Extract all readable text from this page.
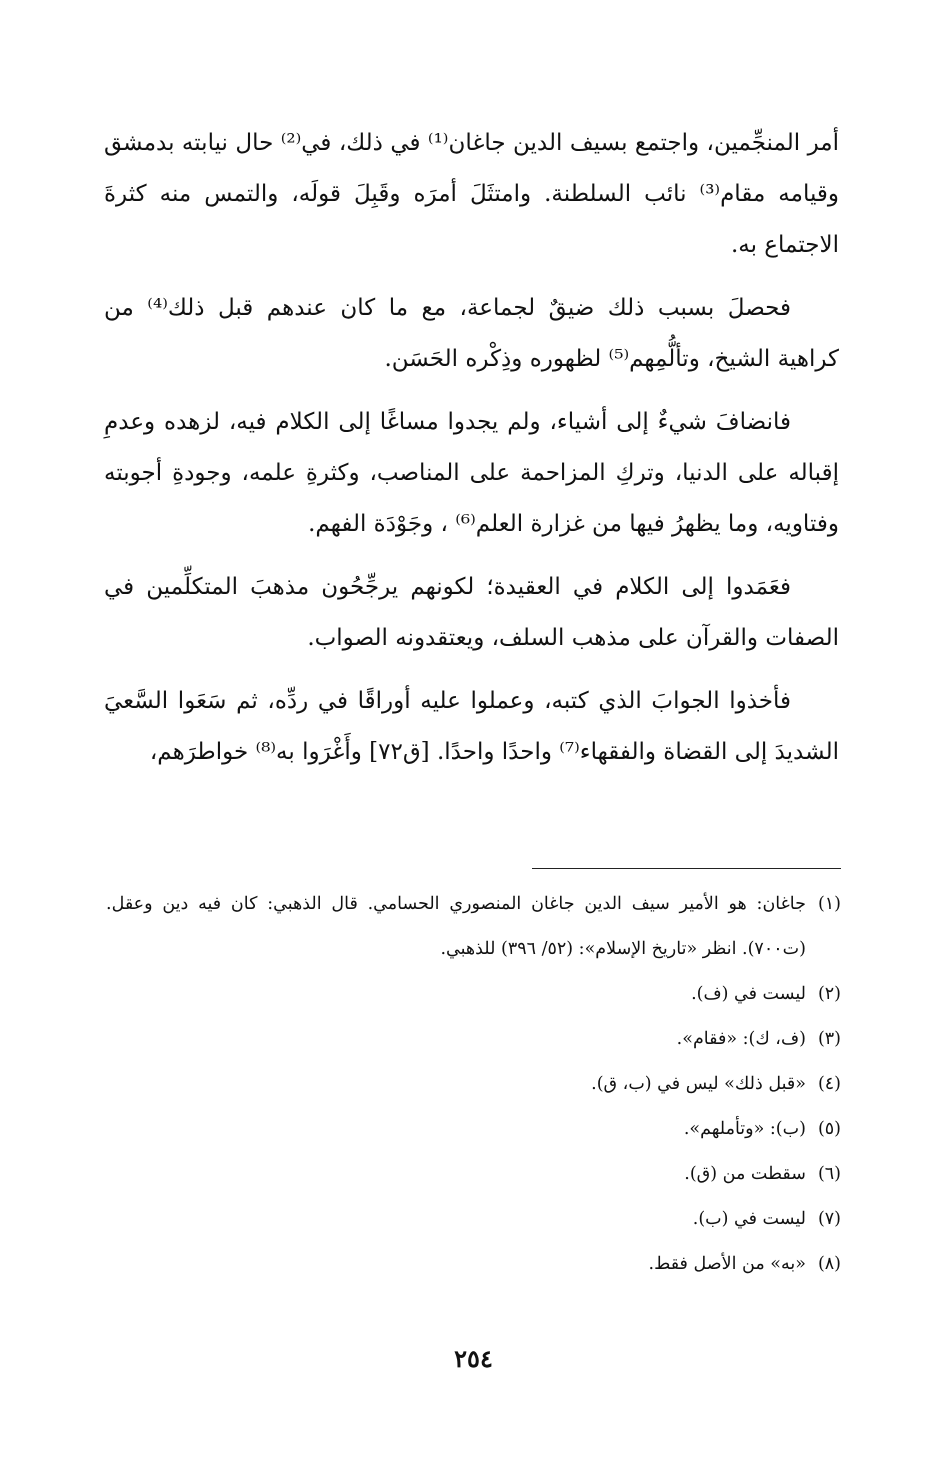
أمر المنجِّمين، واجتمع بسيف الدين جاغان⁽¹⁾ في ذلك، في⁽²⁾ حال نيابته بدمشق وقيامه مقام⁽³⁾ نائب السلطنة. وامتثَلَ أمرَه وقَبِلَ قولَه، والتمس منه كثرةَ الاجتماع به.

فحصلَ بسبب ذلك ضيقٌ لجماعة، مع ما كان عندهم قبل ذلك⁽⁴⁾ من كراهية الشيخ، وتألُّمِهم⁽⁵⁾ لظهوره وذِكْره الحَسَن.

فانضافَ شيءٌ إلى أشياء، ولم يجدوا مساغًا إلى الكلام فيه، لزهده وعدمِ إقباله على الدنيا، وتركِ المزاحمة على المناصب، وكثرةِ علمه، وجودةِ أجوبته وفتاويه، وما يظهرُ فيها من غزارة العلم⁽⁶⁾ ، وجَوْدَة الفهم.

فعَمَدوا إلى الكلام في العقيدة؛ لكونهم يرجِّحُون مذهبَ المتكلِّمين في الصفات والقرآن على مذهب السلف، ويعتقدونه الصواب.

فأخذوا الجوابَ الذي كتبه، وعملوا عليه أوراقًا في ردِّه، ثم سَعَوا السَّعيَ الشديدَ إلى القضاة والفقهاء⁽⁷⁾ واحدًا واحدًا. [ق٧٢] وأَغْرَوا به⁽⁸⁾ خواطرَهم،

(١)
جاغان: هو الأمير سيف الدين جاغان المنصوري الحسامي. قال الذهبي: كان فيه دين وعقل.(ت٧٠٠). انظر «تاريخ الإسلام»: (٥٢/ ٣٩٦) للذهبي.
(٢)
ليست في (ف).
(٣)
(ف، ك): «فقام».
(٤)
«قبل ذلك» ليس في (ب، ق).
(٥)
(ب): «وتأملهم».
(٦)
سقطت من (ق).
(٧)
ليست في (ب).
(٨)
«به» من الأصل فقط.
٢٥٤
